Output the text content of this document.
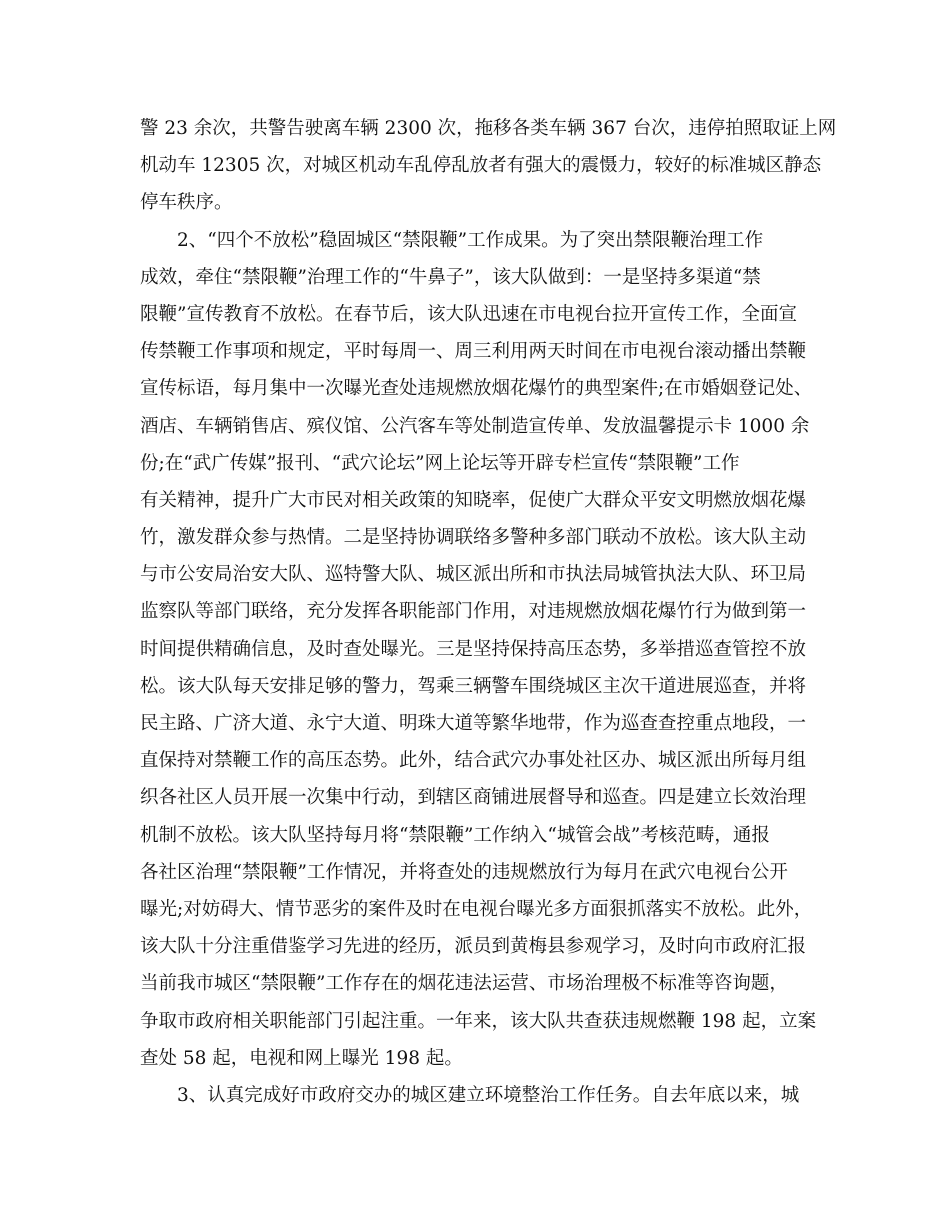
警 23 余次，共警告驶离车辆 2300 次，拖移各类车辆 367 台次，违停拍照取证上网
机动车 12305 次，对城区机动车乱停乱放者有强大的震慑力，较好的标准城区静态
停车秩序。
2、“四个不放松”稳固城区“禁限鞭”工作成果。为了突出禁限鞭治理工作
成效，牵住“禁限鞭”治理工作的“牛鼻子”，该大队做到：一是坚持多渠道“禁
限鞭”宣传教育不放松。在春节后，该大队迅速在市电视台拉开宣传工作，全面宣
传禁鞭工作事项和规定，平时每周一、周三利用两天时间在市电视台滚动播出禁鞭
宣传标语，每月集中一次曝光查处违规燃放烟花爆竹的典型案件;在市婚姻登记处、
酒店、车辆销售店、殡仪馆、公汽客车等处制造宣传单、发放温馨提示卡 1000 余
份;在“武广传媒”报刊、“武穴论坛”网上论坛等开辟专栏宣传“禁限鞭”工作
有关精神，提升广大市民对相关政策的知晓率，促使广大群众平安文明燃放烟花爆
竹，激发群众参与热情。二是坚持协调联络多警种多部门联动不放松。该大队主动
与市公安局治安大队、巡特警大队、城区派出所和市执法局城管执法大队、环卫局
监察队等部门联络，充分发挥各职能部门作用，对违规燃放烟花爆竹行为做到第一
时间提供精确信息，及时查处曝光。三是坚持保持高压态势，多举措巡查管控不放
松。该大队每天安排足够的警力，驾乘三辆警车围绕城区主次干道进展巡查，并将
民主路、广济大道、永宁大道、明珠大道等繁华地带，作为巡查查控重点地段，一
直保持对禁鞭工作的高压态势。此外，结合武穴办事处社区办、城区派出所每月组
织各社区人员开展一次集中行动，到辖区商铺进展督导和巡查。四是建立长效治理
机制不放松。该大队坚持每月将“禁限鞭”工作纳入“城管会战”考核范畴，通报
各社区治理“禁限鞭”工作情况，并将查处的违规燃放行为每月在武穴电视台公开
曝光;对妨碍大、情节恶劣的案件及时在电视台曝光多方面狠抓落实不放松。此外，
该大队十分注重借鉴学习先进的经历，派员到黄梅县参观学习，及时向市政府汇报
当前我市城区“禁限鞭”工作存在的烟花违法运营、市场治理极不标准等咨询题，
争取市政府相关职能部门引起注重。一年来，该大队共查获违规燃鞭 198 起，立案
查处 58 起，电视和网上曝光 198 起。
3、认真完成好市政府交办的城区建立环境整治工作任务。自去年底以来，城
